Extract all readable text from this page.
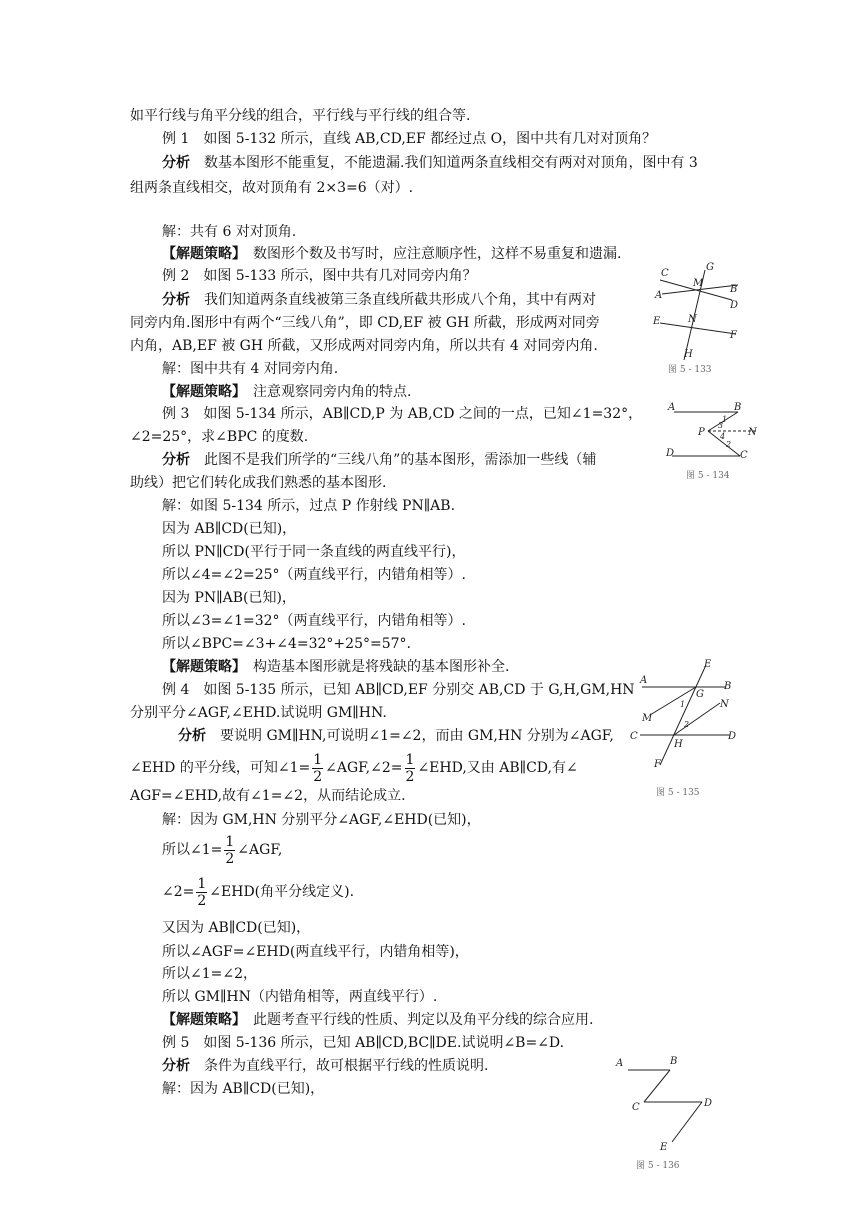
如平行线与角平分线的组合，平行线与平行线的组合等.
例 1　如图 5-132 所示，直线 AB,CD,EF 都经过点 O，图中共有几对对顶角？
分析　 数基本图形不能重复，不能遗漏.我们知道两条直线相交有两对对顶角，图中有 3
组两条直线相交，故对顶角有 2×3=6（对）.
解：共有 6 对对顶角.
【解题策略】　 数图形个数及书写时，应注意顺序性，这样不易重复和遗漏.
例 2　如图 5-133 所示，图中共有几对同旁内角？
分析　 我们知道两条直线被第三条直线所截共形成八个角，其中有两对
同旁内角.图形中有两个“三线八角”，即 CD,EF 被 GH 所截，形成两对同旁
内角，AB,EF 被 GH 所截，又形成两对同旁内角，所以共有 4 对同旁内角.
解：图中共有 4 对同旁内角.
【解题策略】　 注意观察同旁内角的特点.
例 3　如图 5-134 所示，AB∥CD,P 为 AB,CD 之间的一点，已知∠1=32°，
∠2=25°，求∠BPC 的度数.
分析　 此图不是我们所学的“三线八角”的基本图形，需添加一些线（辅
助线）把它们转化成我们熟悉的基本图形.
解：如图 5-134 所示，过点 P 作射线 PN∥AB.
因为 AB∥CD(已知)，
所以 PN∥CD(平行于同一条直线的两直线平行)，
所以∠4=∠2=25°（两直线平行，内错角相等）.
因为 PN∥AB(已知)，
所以∠3=∠1=32°（两直线平行，内错角相等）.
所以∠BPC=∠3+∠4=32°+25°=57°.
【解题策略】　 构造基本图形就是将残缺的基本图形补全.
例 4　如图 5-135 所示，已知 AB∥CD,EF 分别交 AB,CD 于 G,H,GM,HN
分别平分∠AGF,∠EHD.试说明 GM∥HN.
分析　 要说明 GM∥HN,可说明∠1=∠2，而由 GM,HN 分别为∠AGF,
∠EHD 的平分线，可知∠1= $\frac{1}{2}$ ∠AGF,∠2= $\frac{1}{2}$ ∠EHD,又由 AB∥CD,有∠
AGF=∠EHD,故有∠1=∠2，从而结论成立.
解：因为 GM,HN 分别平分∠AGF,∠EHD(已知)，
所以∠1= $\frac{1}{2}$ ∠AGF,
∠2= $\frac{1}{2}$ ∠EHD(角平分线定义).
又因为 AB∥CD(已知)，
所以∠AGF=∠EHD(两直线平行，内错角相等)，
所以∠1=∠2，
所以 GM∥HN（内错角相等，两直线平行）.
【解题策略】　 此题考查平行线的性质、判定以及角平分线的综合应用.
例 5　如图 5-136 所示，已知 AB∥CD,BC∥DE.试说明∠B=∠D.
分析　 条件为直线平行，故可根据平行线的性质说明.
解：因为 AB∥CD(已知)，
C
G
M
B
A
D
E	N
F
H
图 5 - 133
A	B
1
3
P	N
4
2
D	C
图 5 - 134
E
A
B
G
1
M
N
2
C
H
D
F
图 5 - 135
A	B
C	D
E
图 5 - 136
